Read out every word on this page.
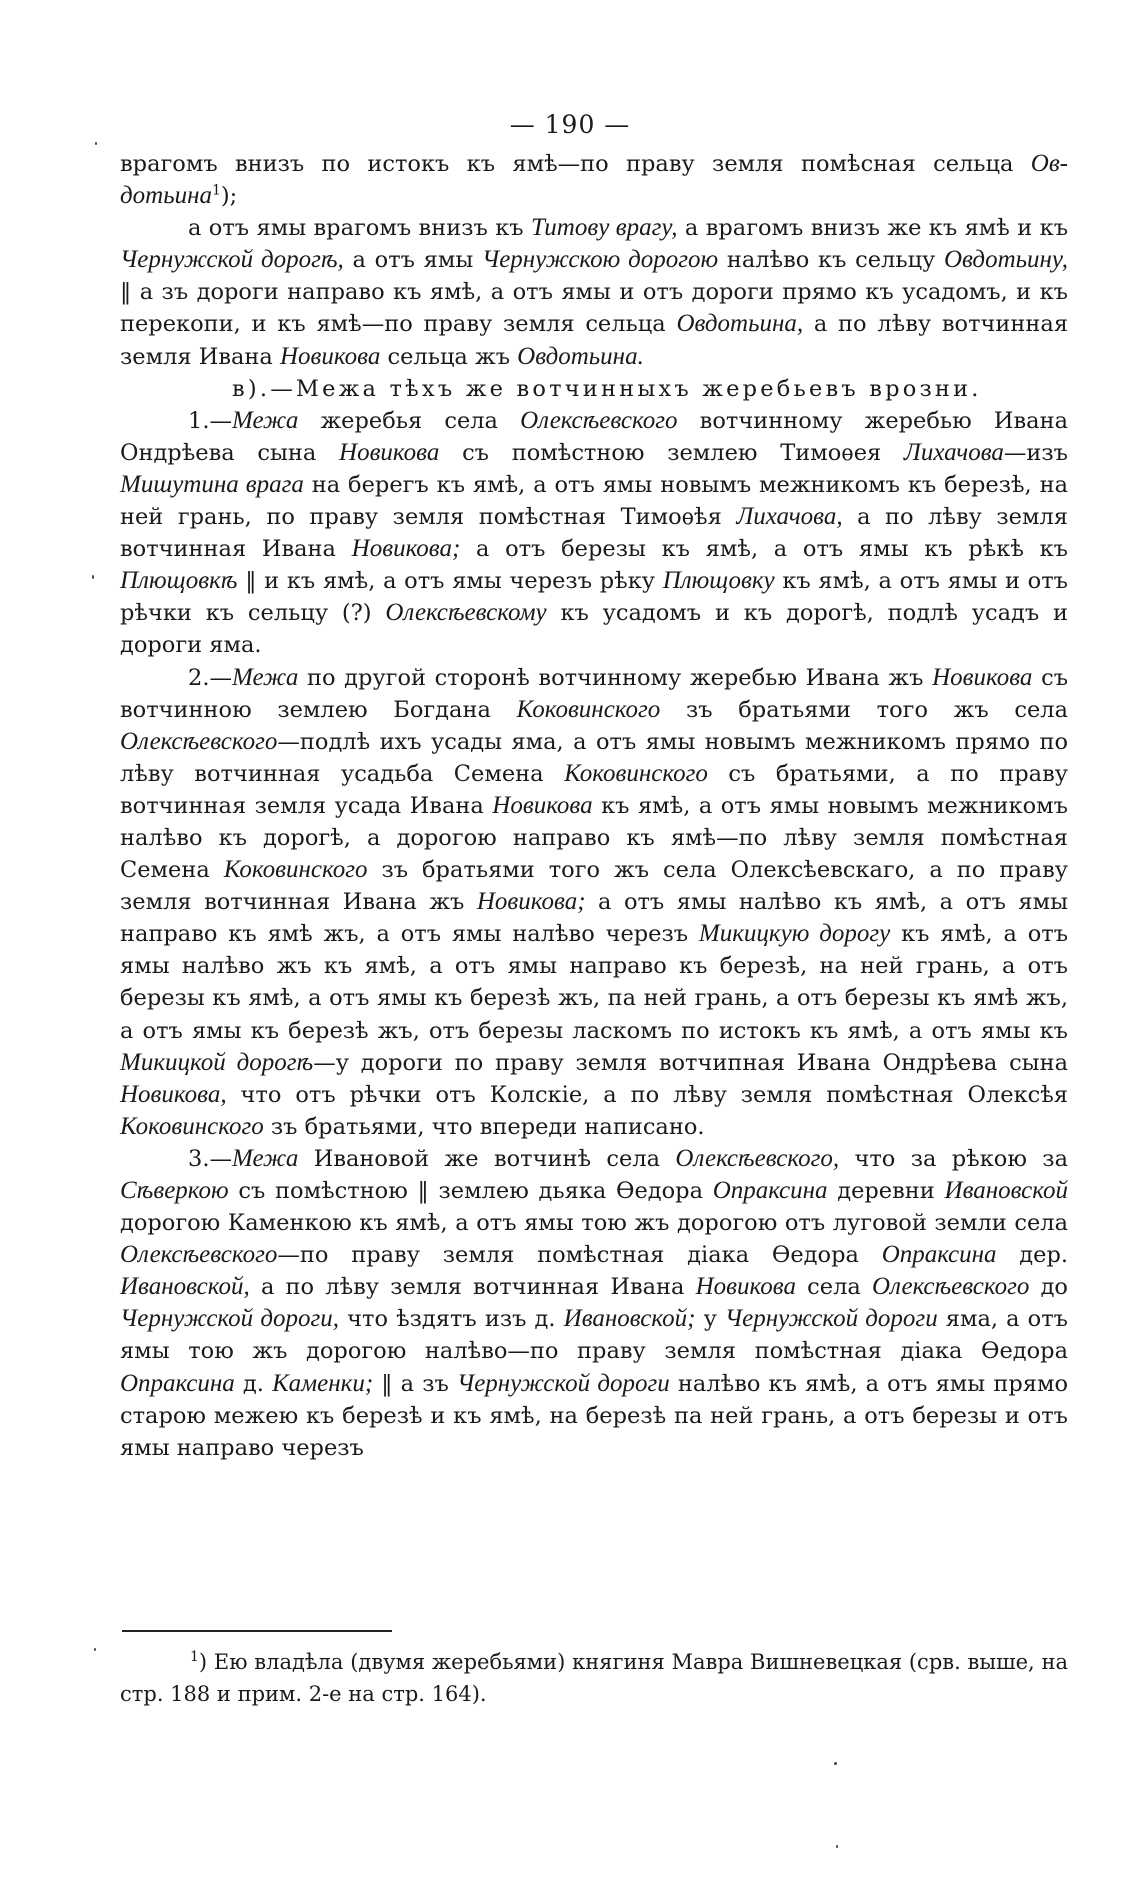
— 190 —

врагомъ внизъ по истокъ къ ямѣ—по праву земля помѣсная сельца Овдотьина$^1$);

а отъ ямы врагомъ внизъ къ Титову врагу, а врагомъ внизъ же къ ямѣ и къ Чернужской дорогѣ, а отъ ямы Чернужскою дорогою налѣво къ сельцу Овдотьину, ‖ а зъ дороги направо къ ямѣ, а отъ ямы и отъ дороги прямо къ усадомъ, и къ перекопи, и къ ямѣ—по праву земля сельца Овдотьина, а по лѣву вотчинная земля Ивана Новикова сельца жъ Овдотьина.

в).—Межа тѣхъ же вотчинныхъ жеребьевъ врозни.

1.—Межа жеребья села Олексѣевского вотчинному жеребью Ивана Ондрѣева сына Новикова съ помѣстною землею Тимоѳея Лихачова—изъ Мишутина врага на берегъ къ ямѣ, а отъ ямы новымъ межникомъ къ березѣ, на ней грань, по праву земля помѣстная Тимоѳѣя Лихачова, а по лѣву земля вотчинная Ивана Новикова; а отъ березы къ ямѣ, а отъ ямы къ рѣкѣ къ Плющовкѣ ‖ и къ ямѣ, а отъ ямы черезъ рѣку Плющовку къ ямѣ, а отъ ямы и отъ рѣчки къ сельцу (?) Олексѣевскому къ усадомъ и къ дорогѣ, подлѣ усадъ и дороги яма.

2.—Межа по другой сторонѣ вотчинному жеребью Ивана жъ Новикова съ вотчинною землею Богдана Коковинского зъ братьями того жъ села Олексѣевского—подлѣ ихъ усады яма, а отъ ямы новымъ межникомъ прямо по лѣву вотчинная усадьба Семена Коковинского съ братьями, а по праву вотчинная земля усада Ивана Новикова къ ямѣ, а отъ ямы новымъ межникомъ налѣво къ дорогѣ, а дорогою направо къ ямѣ—по лѣву земля помѣстная Семена Коковинского зъ братьями того жъ села Олексѣевскаго, а по праву земля вотчинная Ивана жъ Новикова; а отъ ямы налѣво къ ямѣ, а отъ ямы направо къ ямѣ жъ, а отъ ямы налѣво черезъ Микицкую дорогу къ ямѣ, а отъ ямы налѣво жъ къ ямѣ, а отъ ямы направо къ березѣ, на ней грань, а отъ березы къ ямѣ, а отъ ямы къ березѣ жъ, па ней грань, а отъ березы къ ямѣ жъ, а отъ ямы къ березѣ жъ, отъ березы ласкомъ по истокъ къ ямѣ, а отъ ямы къ Микицкой дорогѣ—у дороги по праву земля вотчипная Ивана Ондрѣева сына Новикова, что отъ рѣчки отъ Колскіе, а по лѣву земля помѣстная Олексѣя Коковинского зъ братьями, что впереди написано.

3.—Межа Ивановой же вотчинѣ села Олексѣевского, что за рѣкою за Сѣверкою съ помѣстною ‖ землею дьяка Ѳедора Опраксина деревни Ивановской дорогою Каменкою къ ямѣ, а отъ ямы тою жъ дорогою отъ луговой земли села Олексѣевского—по праву земля помѣстная діака Ѳедора Опраксина дер. Ивановской, а по лѣву земля вотчинная Ивана Новикова села Олексѣевского до Чернужской дороги, что ѣздятъ изъ д. Ивановской; у Чернужской дороги яма, а отъ ямы тою жъ дорогою налѣво—по праву земля помѣстная діака Ѳедора Опраксина д. Каменки; ‖ а зъ Чернужской дороги налѣво къ ямѣ, а отъ ямы прямо старою межею къ березѣ и къ ямѣ, на березѣ па ней грань, а отъ березы и отъ ямы направо черезъ

$^1$) Ею владѣла (двумя жеребьями) княгиня Мавра Вишневецкая (срв. выше, на стр. 188 и прим. 2-е на стр. 164).
